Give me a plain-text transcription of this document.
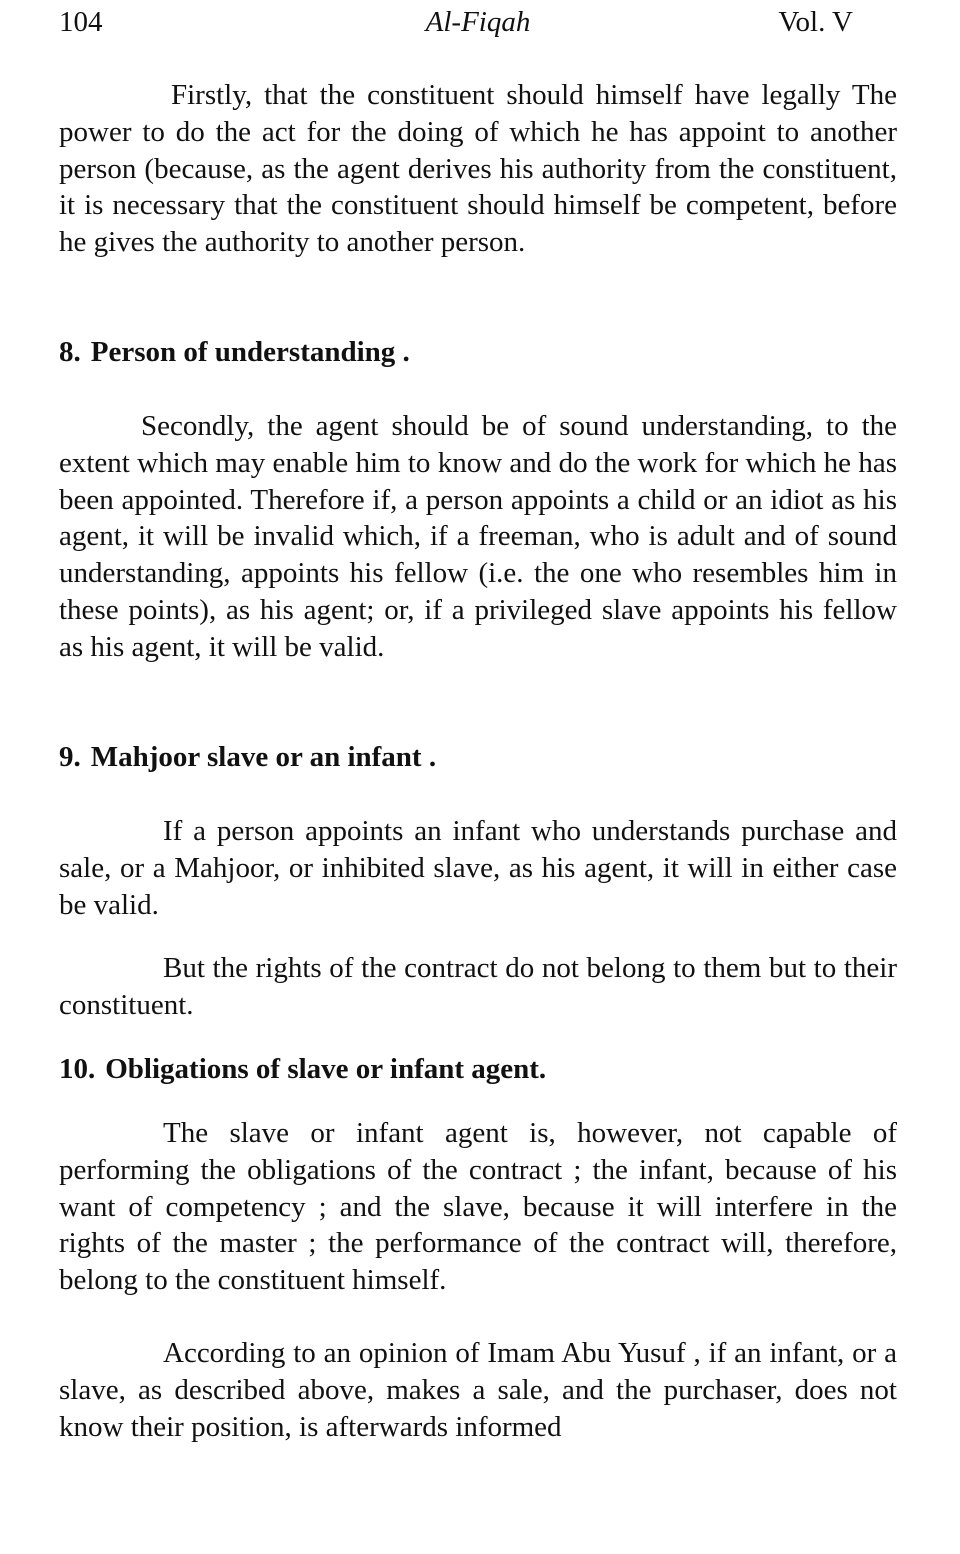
104	Al-Fiqah	Vol. V

Firstly, that the constituent should himself have legally The power to do the act for the doing of which he has appoint to another person (because, as the agent derives his authority from the constituent, it is necessary that the constituent should himself be competent, before he gives the authority to another person.

8. Person of understanding .

Secondly, the agent should be of sound understanding, to the extent which may enable him to know and do the work for which he has been appointed. Therefore if, a person appoints a child or an idiot as his agent, it will be invalid which, if a freeman, who is adult and of sound understanding, appoints his fellow (i.e. the one who resembles him in these points), as his agent; or, if a privileged slave appoints his fellow as his agent, it will be valid.

9. Mahjoor slave or an infant .

If a person appoints an infant who understands purchase and sale, or a Mahjoor, or inhibited slave, as his agent, it will in either case be valid.

But the rights of the contract do not belong to them but to their constituent.

10. Obligations of slave or infant agent.

The slave or infant agent is, however, not capable of performing the obligations of the contract ; the infant, because of his want of competency ; and the slave, because it will interfere in the rights of the master ; the performance of the contract will, therefore, belong to the constituent himself.

According to an opinion of Imam Abu Yusuf , if an infant, or a slave, as described above, makes a sale, and the purchaser, does not know their position, is afterwards informed
